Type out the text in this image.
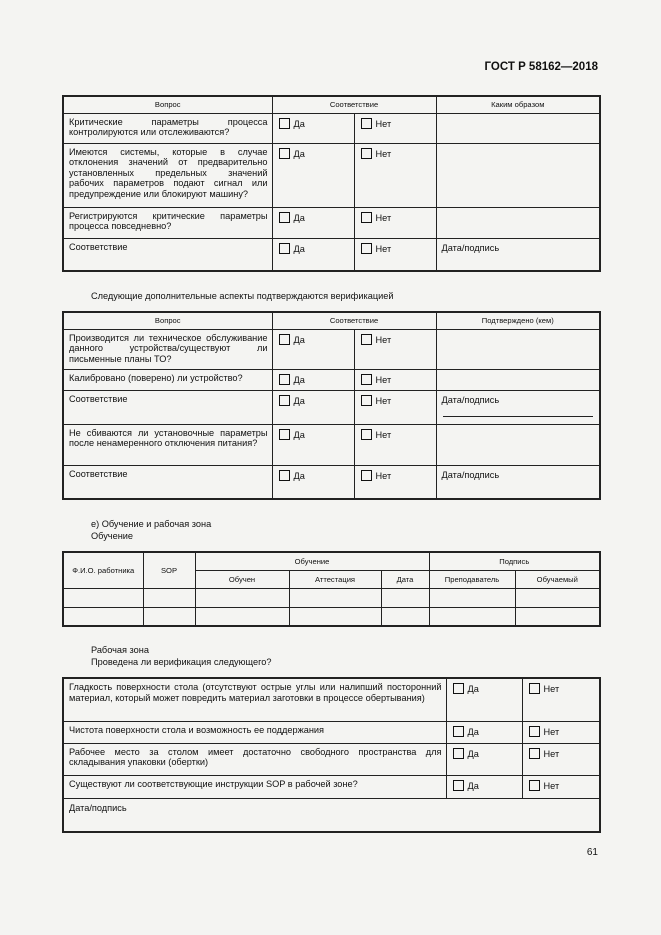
ГОСТ Р 58162—2018
Вопрос	Соответствие		Каким образом
Критические параметры процесса контролируются или отслеживаются?	Да	Нет	
Имеются системы, которые в случае отклонения значений от предварительно установленных предельных значений рабочих параметров подают сигнал или предупреждение или блокируют машину?	Да	Нет	
Регистрируются критические параметры процесса повседневно?	Да	Нет	
Соответствие	Да	Нет	Дата/подпись
Следующие дополнительные аспекты подтверждаются верификацией
Вопрос	Соответствие		Подтверждено (кем)
Производится ли техническое обслуживание данного устройства/существуют ли письменные планы ТО?	Да	Нет	
Калибровано (поверено) ли устройство?	Да	Нет	
Соответствие	Да	Нет	Дата/подпись

Не сбиваются ли установочные параметры после ненамеренного отключения питания?	Да	Нет	
Соответствие	Да	Нет	Дата/подпись
е) Обучение и рабочая зона
Обучение
Ф.И.О. работника	SOP	Обучение			Подпись	
		Обучен	Аттестация	Дата	Преподаватель	Обучаемый

Рабочая зона
Проведена ли верификация следующего?
Гладкость поверхности стола (отсутствуют острые углы или налипший посторонний материал, который может повредить материал заготовки в процессе обертывания)	Да	Нет
Чистота поверхности стола и возможность ее поддержания	Да	Нет
Рабочее место за столом имеет достаточно свободного пространства для складывания упаковки (обертки)	Да	Нет
Существуют ли соответствующие инструкции SOP в рабочей зоне?	Да	Нет
Дата/подпись		
61
